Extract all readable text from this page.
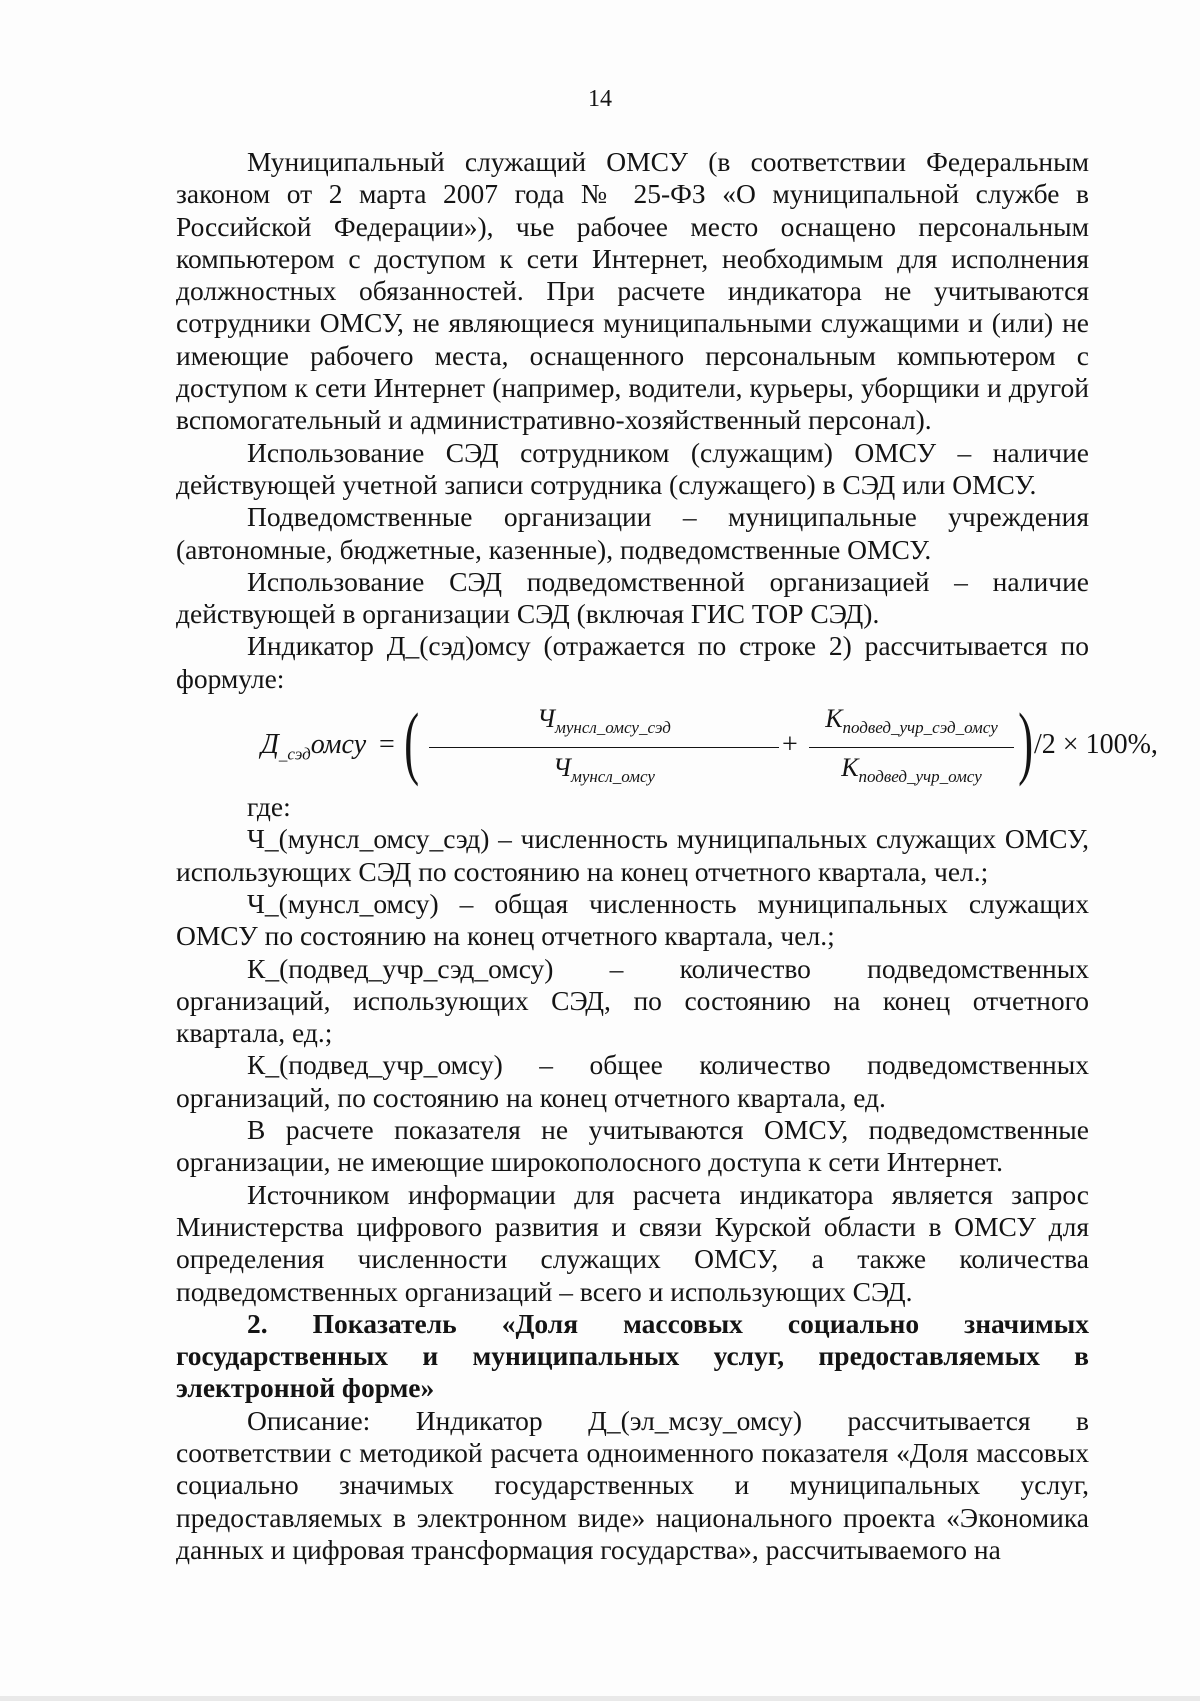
14

Муниципальный служащий ОМСУ (в соответствии Федеральным законом от 2 марта 2007 года № 25-ФЗ «О муниципальной службе в Российской Федерации»), чье рабочее место оснащено персональным компьютером с доступом к сети Интернет, необходимым для исполнения должностных обязанностей. При расчете индикатора не учитываются сотрудники ОМСУ, не являющиеся муниципальными служащими и (или) не имеющие рабочего места, оснащенного персональным компьютером с доступом к сети Интернет (например, водители, курьеры, уборщики и другой вспомогательный и административно-хозяйственный персонал).

Использование СЭД сотрудником (служащим) ОМСУ – наличие действующей учетной записи сотрудника (служащего) в СЭД или ОМСУ.

Подведомственные организации – муниципальные учреждения (автономные, бюджетные, казенные), подведомственные ОМСУ.

Использование СЭД подведомственной организацией – наличие действующей в организации СЭД (включая ГИС ТОР СЭД).

Индикатор Д_(сэд)омсу (отражается по строке 2) рассчитывается по формуле:

$Д_{\_сэд}омсу$ = (	$Ч_{мунсл\_омсу\_сэд}$
$Ч_{мунсл\_омсу}$
+
$К_{подвед\_учр\_сэд\_омсу}$
$К_{подвед\_учр\_омсу}$ ) /2 × 100%,

где:

Ч_(мунсл_омсу_сэд) – численность муниципальных служащих ОМСУ, использующих СЭД по состоянию на конец отчетного квартала, чел.;

Ч_(мунсл_омсу) – общая численность муниципальных служащих ОМСУ по состоянию на конец отчетного квартала, чел.;

К_(подвед_учр_сэд_омсу) – количество подведомственных организаций, использующих СЭД, по состоянию на конец отчетного квартала, ед.;

К_(подвед_учр_омсу) – общее количество подведомственных организаций, по состоянию на конец отчетного квартала, ед.

В расчете показателя не учитываются ОМСУ, подведомственные организации, не имеющие широкополосного доступа к сети Интернет.

Источником информации для расчета индикатора является запрос Министерства цифрового развития и связи Курской области в ОМСУ для определения численности служащих ОМСУ, а также количества подведомственных организаций – всего и использующих СЭД.

2. Показатель «Доля массовых социально значимых государственных и муниципальных услуг, предоставляемых в электронной форме»

Описание: Индикатор Д_(эл_мсзу_омсу) рассчитывается в соответствии с методикой расчета одноименного показателя «Доля массовых социально значимых государственных и муниципальных услуг, предоставляемых в электронном виде» национального проекта «Экономика данных и цифровая трансформация государства», рассчитываемого на
